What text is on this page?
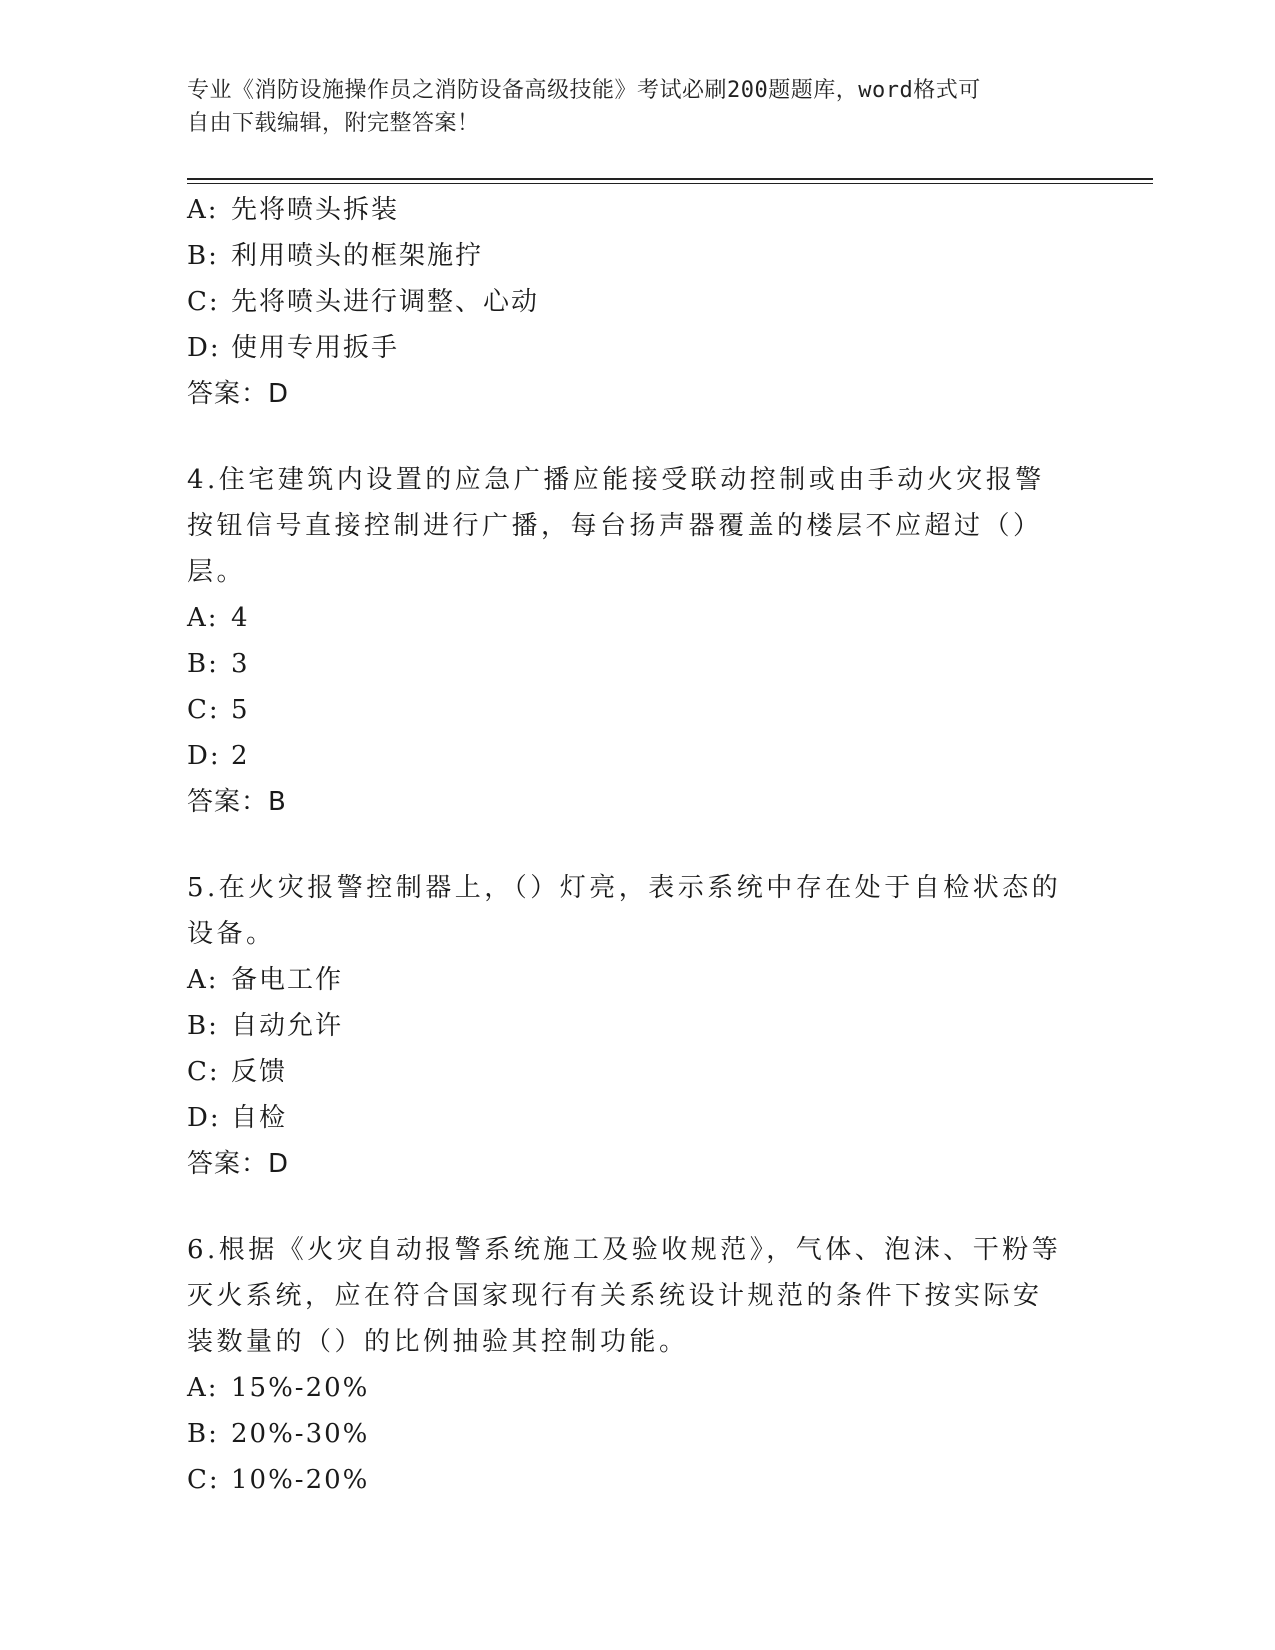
专业《消防设施操作员之消防设备高级技能》考试必刷200题题库，word格式可
自由下载编辑，附完整答案！
A: 先将喷头拆装
B: 利用喷头的框架施拧
C: 先将喷头进行调整、心动
D: 使用专用扳手
答案：D
4.住宅建筑内设置的应急广播应能接受联动控制或由手动火灾报警按钮信号直接控制进行广播，每台扬声器覆盖的楼层不应超过（）层。
A: 4
B: 3
C: 5
D: 2
答案：B
5.在火灾报警控制器上，（）灯亮，表示系统中存在处于自检状态的设备。
A: 备电工作
B: 自动允许
C: 反馈
D: 自检
答案：D
6.根据《火灾自动报警系统施工及验收规范》，气体、泡沫、干粉等灭火系统，应在符合国家现行有关系统设计规范的条件下按实际安装数量的（）的比例抽验其控制功能。
A: 15%-20%
B: 20%-30%
C: 10%-20%
